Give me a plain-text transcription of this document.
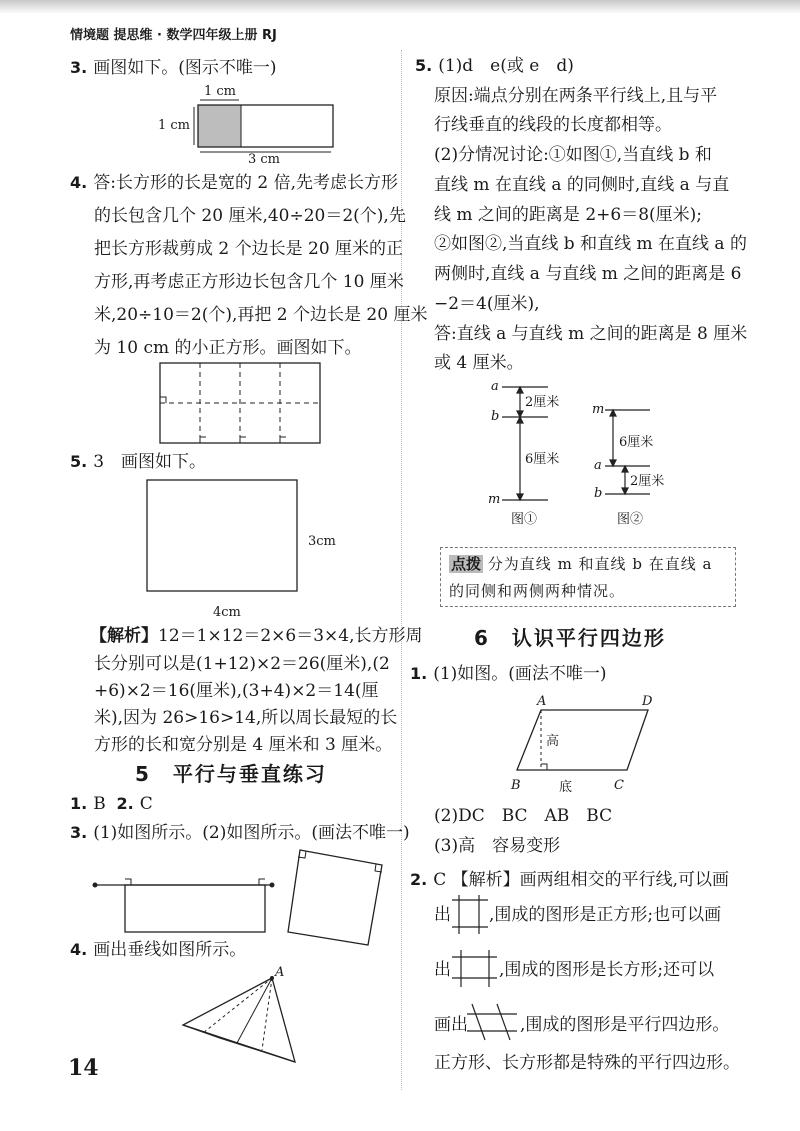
情境题 提思维 · 数学四年级上册 RJ
3. 画图如下。(图示不唯一)
1 cm
1 cm
3 cm
4. 答:长方形的长是宽的 2 倍,先考虑长方形
的长包含几个 20 厘米,40÷20＝2(个),先
把长方形裁剪成 2 个边长是 20 厘米的正
方形,再考虑正方形边长包含几个 10 厘米
米,20÷10＝2(个),再把 2 个边长是 20 厘米
为 10 cm 的小正方形。画图如下。
5. 3　画图如下。
3cm
4cm
【解析】12＝1×12＝2×6＝3×4,长方形周
长分别可以是(1+12)×2＝26(厘米),(2
+6)×2＝16(厘米),(3+4)×2＝14(厘
米),因为 26>16>14,所以周长最短的长
方形的长和宽分别是 4 厘米和 3 厘米。
5　平行与垂直练习
1. B 2. C
3. (1)如图所示。(2)如图所示。(画法不唯一)
4. 画出垂线如图所示。
A
14
5. (1)d　e(或 e　d)
原因:端点分别在两条平行线上,且与平
行线垂直的线段的长度都相等。
(2)分情况讨论:①如图①,当直线 b 和
直线 m 在直线 a 的同侧时,直线 a 与直
线 m 之间的距离是 2+6＝8(厘米);
②如图②,当直线 b 和直线 m 在直线 a 的
两侧时,直线 a 与直线 m 之间的距离是 6
−2＝4(厘米),
答:直线 a 与直线 m 之间的距离是 8 厘米
或 4 厘米。
a
b
m
2厘米
6厘米
图①
m
a
b
6厘米
2厘米
图②
点拨 分为直线 m 和直线 b 在直线 a
的同侧和两侧两种情况。
6　认识平行四边形
1. (1)如图。(画法不唯一)
A	D
B	C
高
底
(2)DC　BC　AB　BC
(3)高　容易变形
2. C 【解析】画两组相交的平行线,可以画
出 ,围成的图形是正方形;也可以画
出	,围成的图形是长方形;还可以
画出	,围成的图形是平行四边形。
正方形、长方形都是特殊的平行四边形。
